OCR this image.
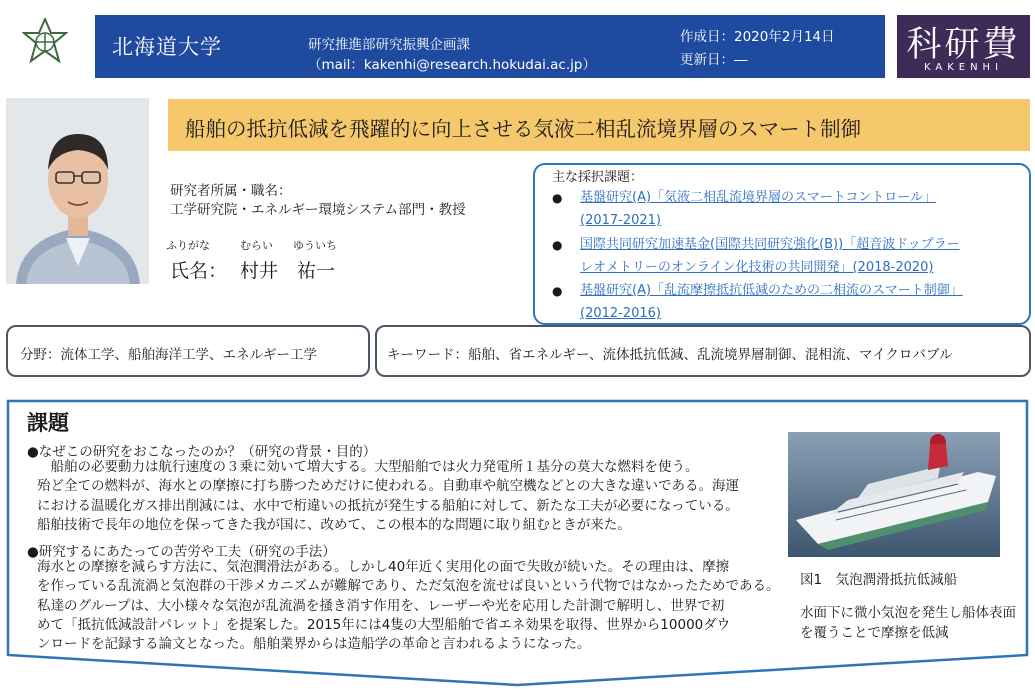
北海道大学	研究推進部研究振興企画課
（mail：kakenhi@research.hokudai.ac.jp）
作成日：2020年2月14日
更新日：―	科研費
KAKENHI
船舶の抵抗低減を飛躍的に向上させる気液二相乱流境界層のスマート制御
研究者所属・職名：
工学研究院・エネルギー環境システム部門・教授
ふりがな	むらい ゆういち
氏名： 村井　祐一
主な採択課題：
● 基盤研究(A)「気液二相乱流境界層のスマートコントロール」
(2017-2021)
● 国際共同研究加速基金(国際共同研究強化(B))「超音波ドップラー
レオメトリーのオンライン化技術の共同開発」(2018-2020)
● 基盤研究(A)「乱流摩擦抵抗低減のための二相流のスマート制御」
(2012-2016)
分野：流体工学、船舶海洋工学、エネルギー工学	キーワード：船舶、省エネルギー、流体抵抗低減、乱流境界層制御、混相流、マイクロバブル
課題
●なぜこの研究をおこなったのか？（研究の背景・目的）
　船舶の必要動力は航行速度の３乗に効いて増大する。大型船舶では火力発電所１基分の莫大な燃料を使う。
殆ど全ての燃料が、海水との摩擦に打ち勝つためだけに使われる。自動車や航空機などとの大きな違いである。海運
における温暖化ガス排出削減には、水中で桁違いの抵抗が発生する船舶に対して、新たな工夫が必要になっている。
船舶技術で長年の地位を保ってきた我が国に、改めて、この根本的な問題に取り組むときが来た。
●研究するにあたっての苦労や工夫（研究の手法）
海水との摩擦を減らす方法に、気泡潤滑法がある。しかし40年近く実用化の面で失敗が続いた。その理由は、摩擦
を作っている乱流渦と気泡群の干渉メカニズムが難解であり、ただ気泡を流せば良いという代物ではなかったためである。
私達のグループは、大小様々な気泡が乱流渦を掻き消す作用を、レーザーや光を応用した計測で解明し、世界で初
めて「抵抗低減設計パレット」を提案した。2015年には4隻の大型船舶で省エネ効果を取得、世界から10000ダウ
ンロードを記録する論文となった。船舶業界からは造船学の革命と言われるようになった。
図1　気泡潤滑抵抗低減船
水面下に微小気泡を発生し船体表面を覆うことで摩擦を低減
